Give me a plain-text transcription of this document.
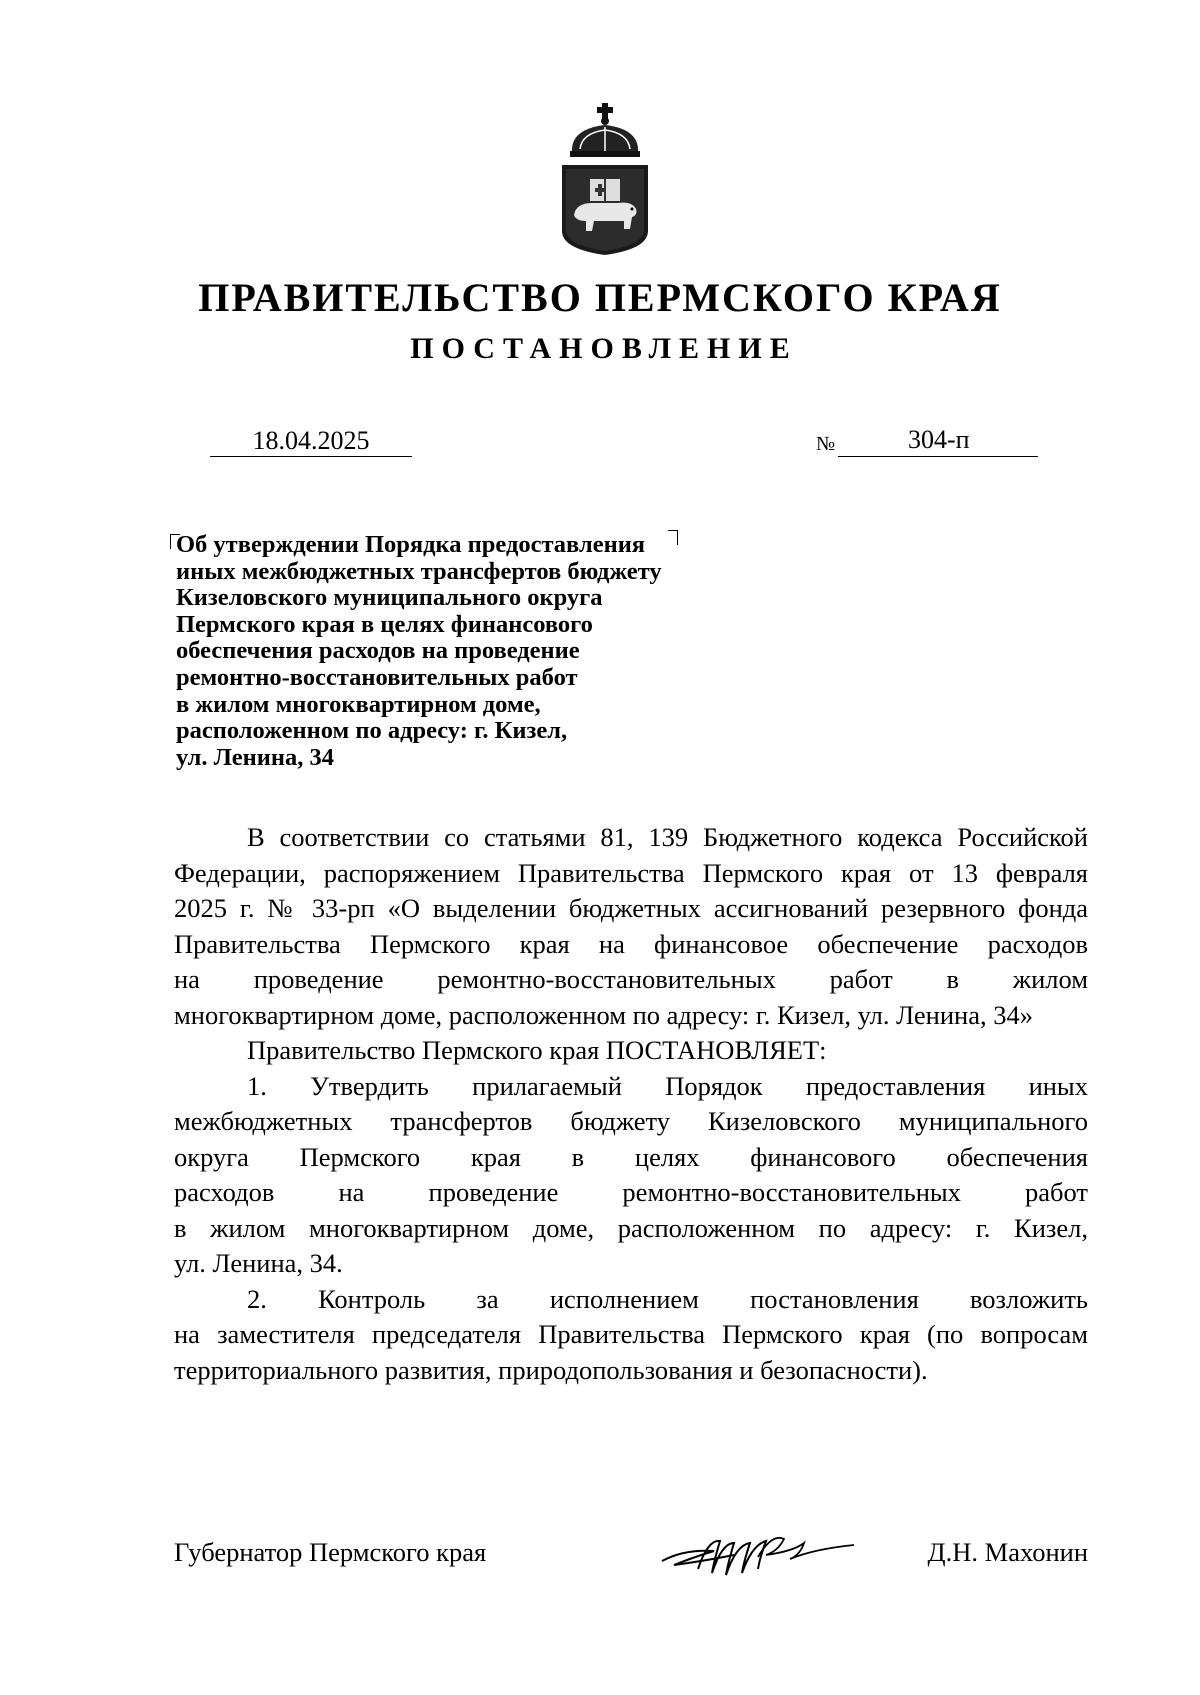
ПРАВИТЕЛЬСТВО ПЕРМСКОГО КРАЯ
ПОСТАНОВЛЕНИЕ
18.04.2025	№	304-п
Об утверждении Порядка предоставления
иных межбюджетных трансфертов бюджету
Кизеловского муниципального округа
Пермского края в целях финансового
обеспечения расходов на проведение
ремонтно-восстановительных работ
в жилом многоквартирном доме,
расположенном по адресу: г. Кизел,
ул. Ленина, 34
В соответствии со статьями 81, 139 Бюджетного кодекса Российской
Федерации, распоряжением Правительства Пермского края от 13 февраля
2025 г. № 33-рп «О выделении бюджетных ассигнований резервного фонда
Правительства Пермского края на финансовое обеспечение расходов
на проведение ремонтно-восстановительных работ в жилом
многоквартирном доме, расположенном по адресу: г. Кизел, ул. Ленина, 34»
Правительство Пермского края ПОСТАНОВЛЯЕТ:
1. Утвердить прилагаемый Порядок предоставления иных
межбюджетных трансфертов бюджету Кизеловского муниципального
округа Пермского края в целях финансового обеспечения
расходов на проведение ремонтно-восстановительных работ
в жилом многоквартирном доме, расположенном по адресу: г. Кизел,
ул. Ленина, 34.
2. Контроль за исполнением постановления возложить
на заместителя председателя Правительства Пермского края (по вопросам
территориального развития, природопользования и безопасности).
Губернатор Пермского края	Д.Н. Махонин
